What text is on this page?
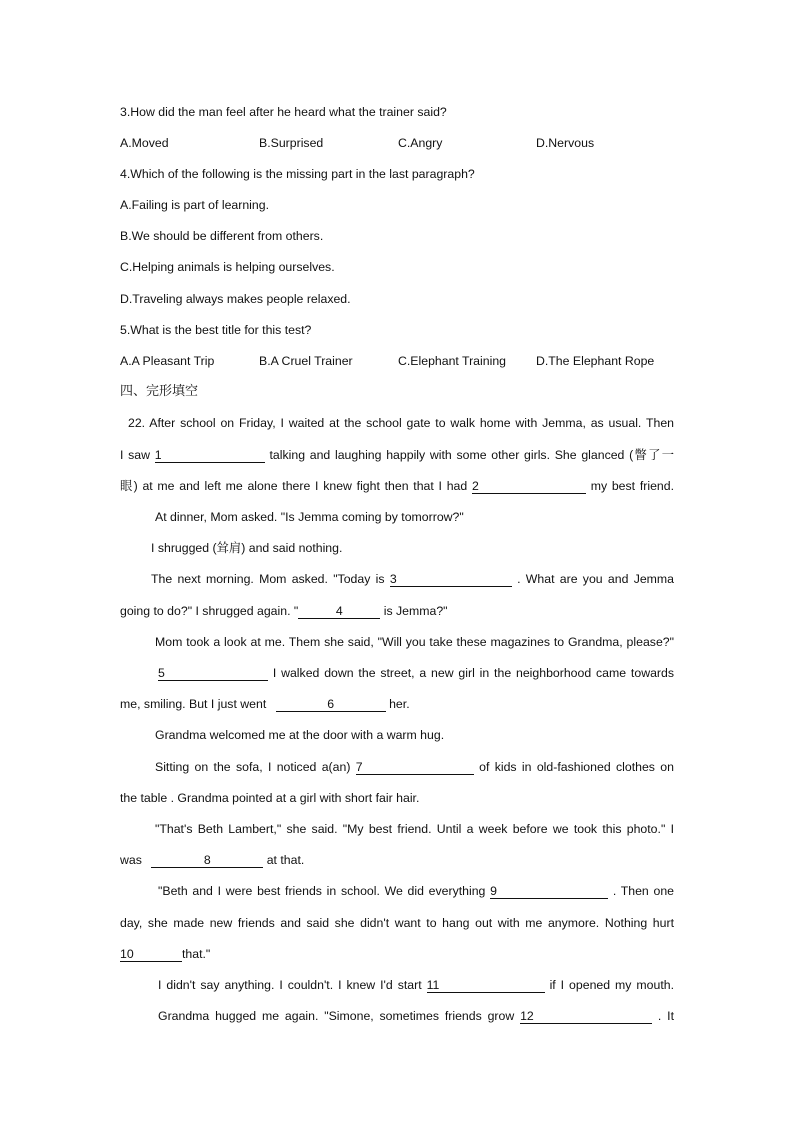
3.How did the man feel after he heard what the trainer said?
A.Moved	B.Surprised	C.Angry	D.Nervous
4.Which of the following is the missing part in the last paragraph?
A.Failing is part of learning.
B.We should be different from others.
C.Helping animals is helping ourselves.
D.Traveling always makes people relaxed.
5.What is the best title for this test?
A.A Pleasant Trip	B.A Cruel Trainer	C.Elephant Training	D.The Elephant Rope
四、完形填空
22. After school on Friday, I waited at the school gate to walk home with Jemma, as usual. Then
I saw 1	talking and laughing happily with some other girls. She glanced (瞥了一
眼) at me and left me alone there I knew fight then that I had 2	my best friend.
At dinner, Mom asked. "Is Jemma coming by tomorrow?"
I shrugged (耸肩) and said nothing.
The next morning. Mom asked. "Today is 3	. What are you and Jemma
going to do?" I shrugged again. "	4	is Jemma?"
Mom took a look at me. Them she said, "Will you take these magazines to Grandma, please?"
5	I walked down the street, a new girl in the neighborhood came towards
me, smiling. But I just went	6	her.
Grandma welcomed me at the door with a warm hug.
Sitting on the sofa, I noticed a(an) 7	of kids in old-fashioned clothes on
the table . Grandma pointed at a girl with short fair hair.
"That's Beth Lambert," she said. "My best friend. Until a week before we took this photo." I
was	8	at that.
"Beth and I were best friends in school. We did everything 9	. Then one
day, she made new friends and said she didn't want to hang out with me anymore. Nothing hurt
10	that."
I didn't say anything. I couldn't. I knew I'd start 11	if I opened my mouth.
Grandma hugged me again. "Simone, sometimes friends grow 12	. It
